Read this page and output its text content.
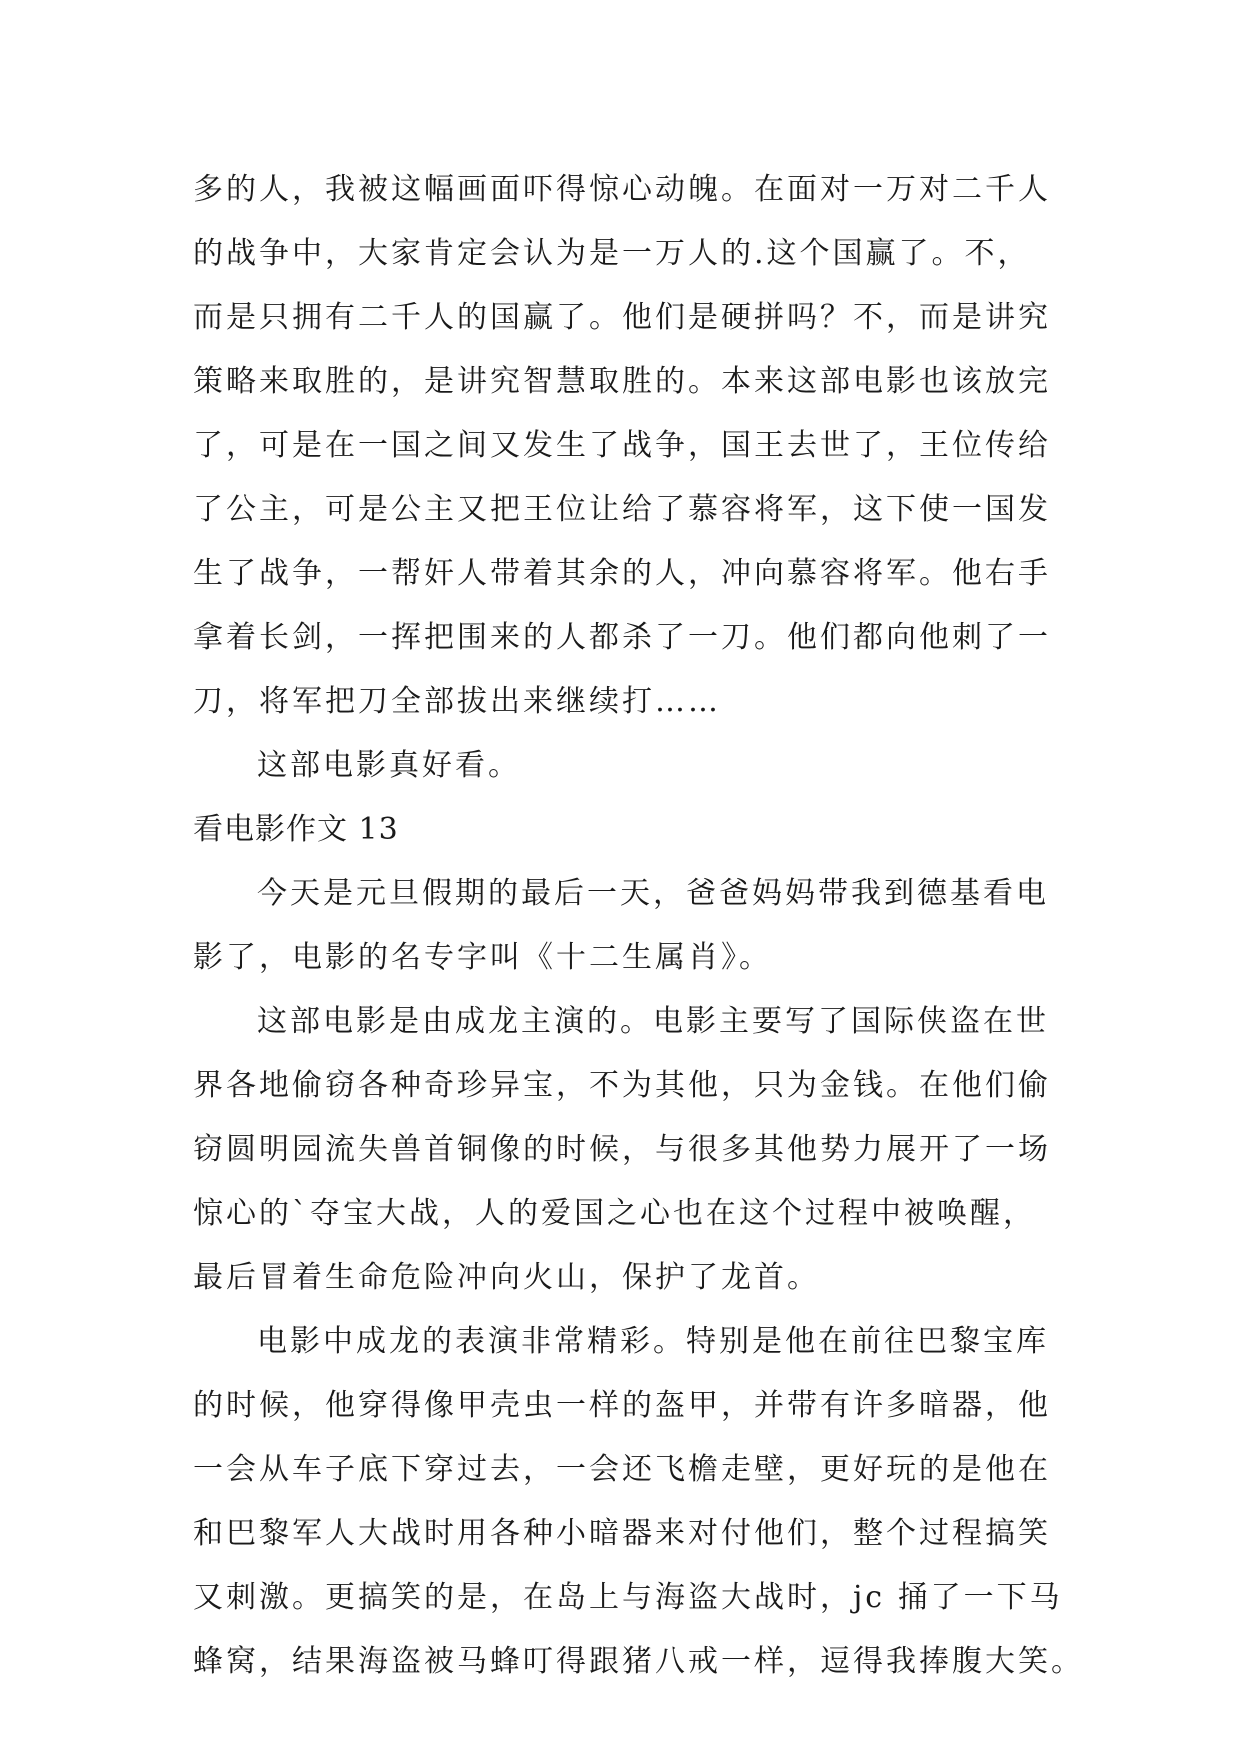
多的人，我被这幅画面吓得惊心动魄。在面对一万对二千人
的战争中，大家肯定会认为是一万人的.这个国赢了。不，
而是只拥有二千人的国赢了。他们是硬拼吗？不，而是讲究
策略来取胜的，是讲究智慧取胜的。本来这部电影也该放完
了，可是在一国之间又发生了战争，国王去世了，王位传给
了公主，可是公主又把王位让给了慕容将军，这下使一国发
生了战争，一帮奸人带着其余的人，冲向慕容将军。他右手
拿着长剑，一挥把围来的人都杀了一刀。他们都向他刺了一
刀，将军把刀全部拔出来继续打……
这部电影真好看。
看电影作文 13
今天是元旦假期的最后一天，爸爸妈妈带我到德基看电
影了，电影的名专字叫《十二生属肖》。
这部电影是由成龙主演的。电影主要写了国际侠盗在世
界各地偷窃各种奇珍异宝，不为其他，只为金钱。在他们偷
窃圆明园流失兽首铜像的时候，与很多其他势力展开了一场
惊心的`夺宝大战，人的爱国之心也在这个过程中被唤醒，
最后冒着生命危险冲向火山，保护了龙首。
电影中成龙的表演非常精彩。特别是他在前往巴黎宝库
的时候，他穿得像甲壳虫一样的盔甲，并带有许多暗器，他
一会从车子底下穿过去，一会还飞檐走壁，更好玩的是他在
和巴黎军人大战时用各种小暗器来对付他们，整个过程搞笑
又刺激。更搞笑的是，在岛上与海盗大战时，jc 捅了一下马
蜂窝，结果海盗被马蜂叮得跟猪八戒一样，逗得我捧腹大笑。
